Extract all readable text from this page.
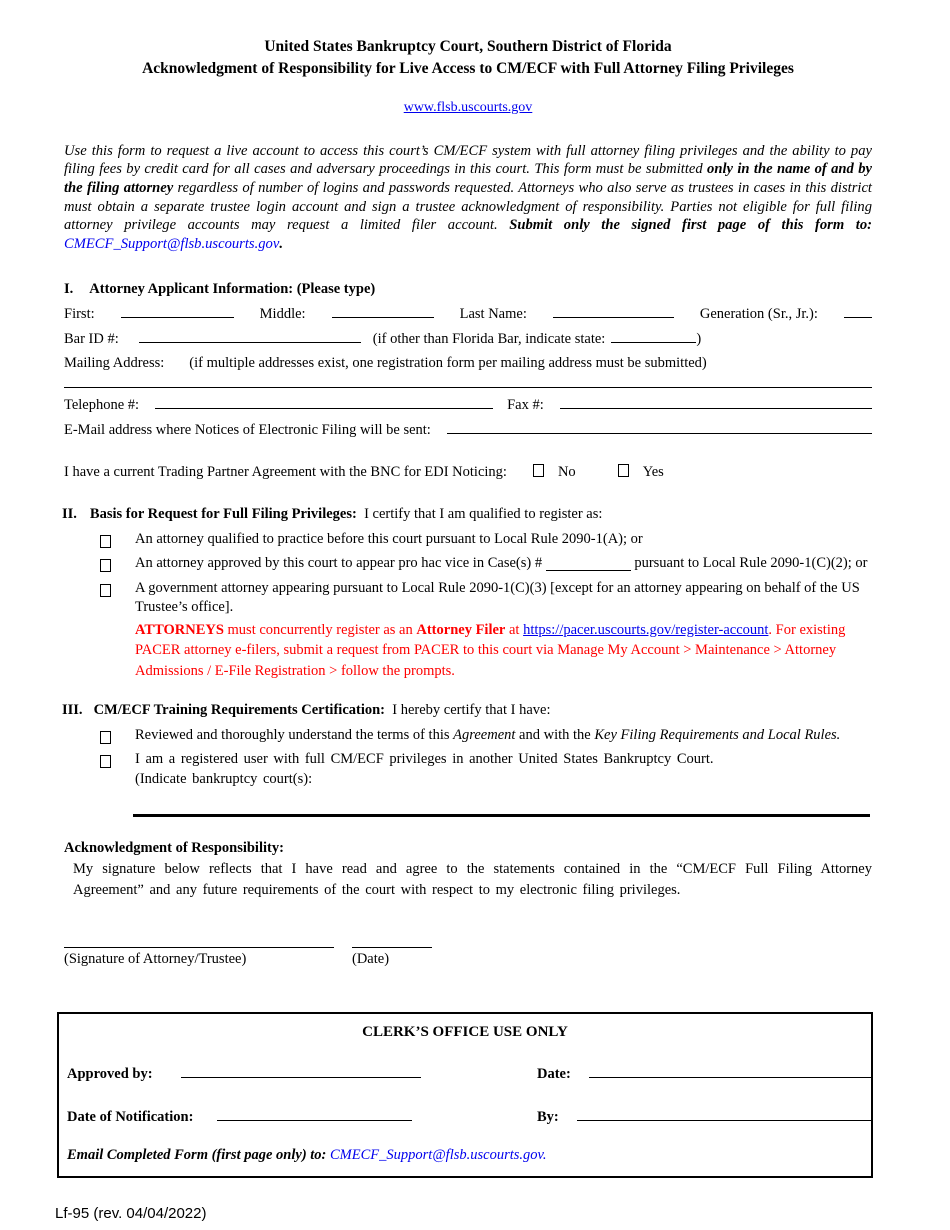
United States Bankruptcy Court, Southern District of Florida
Acknowledgment of Responsibility for Live Access to CM/ECF with Full Attorney Filing Privileges
www.flsb.uscourts.gov
Use this form to request a live account to access this court’s CM/ECF system with full attorney filing privileges and the ability to pay filing fees by credit card for all cases and adversary proceedings in this court. This form must be submitted only in the name of and by the filing attorney regardless of number of logins and passwords requested. Attorneys who also serve as trustees in cases in this district must obtain a separate trustee login account and sign a trustee acknowledgment of responsibility. Parties not eligible for full filing attorney privilege accounts may request a limited filer account. Submit only the signed first page of this form to: CMECF_Support@flsb.uscourts.gov.
I. Attorney Applicant Information: (Please type)
First:	Middle:	Last Name:	Generation (Sr., Jr.):
Bar ID #:	(if other than Florida Bar, indicate state:	)
Mailing Address: (if multiple addresses exist, one registration form per mailing address must be submitted)
Telephone #:	Fax #:
E-Mail address where Notices of Electronic Filing will be sent:
I have a current Trading Partner Agreement with the BNC for EDI Noticing:	No	Yes
II. Basis for Request for Full Filing Privileges: I certify that I am qualified to register as:
An attorney qualified to practice before this court pursuant to Local Rule 2090-1(A); or
An attorney approved by this court to appear pro hac vice in Case(s) #	pursuant to Local Rule 2090-1(C)(2); or
A government attorney appearing pursuant to Local Rule 2090-1(C)(3) [except for an attorney appearing on behalf of the US Trustee’s office].
ATTORNEYS must concurrently register as an Attorney Filer at https://pacer.uscourts.gov/register-account. For existing PACER attorney e-filers, submit a request from PACER to this court via Manage My Account > Maintenance > Attorney Admissions / E-File Registration > follow the prompts.
III. CM/ECF Training Requirements Certification: I hereby certify that I have:
Reviewed and thoroughly understand the terms of this Agreement and with the Key Filing Requirements and Local Rules.
I am a registered user with full CM/ECF privileges in another United States Bankruptcy Court.
(Indicate bankruptcy court(s):
Acknowledgment of Responsibility:
My signature below reflects that I have read and agree to the statements contained in the “CM/ECF Full Filing Attorney Agreement” and any future requirements of the court with respect to my electronic filing privileges.
(Signature of Attorney/Trustee)	(Date)
CLERK’S OFFICE USE ONLY
Approved by:	Date:
Date of Notification:	By:
Email Completed Form (first page only) to: CMECF_Support@flsb.uscourts.gov.
Lf-95 (rev. 04/04/2022)
